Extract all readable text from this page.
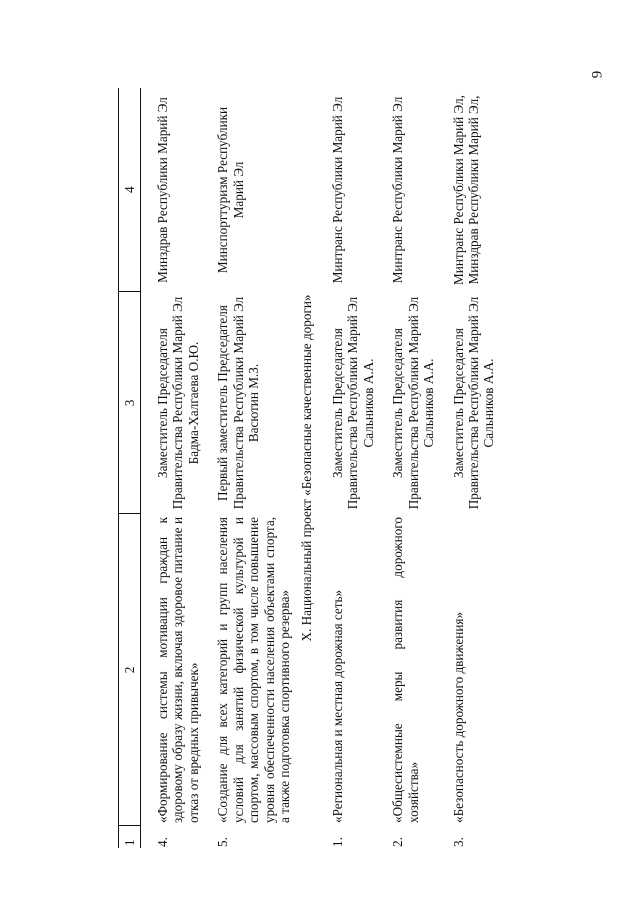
9
1	2	3	4

4.	«Формирование системы мотивации граждан к здоровому образу жизни, включая здоровое питание и отказ от вредных привычек»	Заместитель Председателя Правительства Республики Марий Эл Бадма-Халгаева О.Ю.	Минздрав Республики Марий Эл

5.	«Создание для всех категорий и групп населения условий для занятий физической культурой и спортом, массовым спортом, в том числе повышение уровня обеспеченности населения объектами спорта, а также подготовка спортивного резерва»	Первый заместитель Председателя Правительства Республики Марий Эл Васютин М.З.	Минспорттуризм Республики Марий Эл
X. Национальный проект «Безопасные качественные дороги»			

1.	«Региональная и местная дорожная сеть»	Заместитель Председателя Правительства Республики Марий Эл Сальников А.А.	Минтранс Республики Марий Эл

2.	«Общесистемные меры развития дорожного хозяйства»	Заместитель Председателя Правительства Республики Марий Эл Сальников А.А.	Минтранс Республики Марий Эл

3.	«Безопасность дорожного движения»	Заместитель Председателя Правительства Республики Марий Эл Сальников А.А.	Минтранс Республики Марий Эл, Минздрав Республики Марий Эл,
